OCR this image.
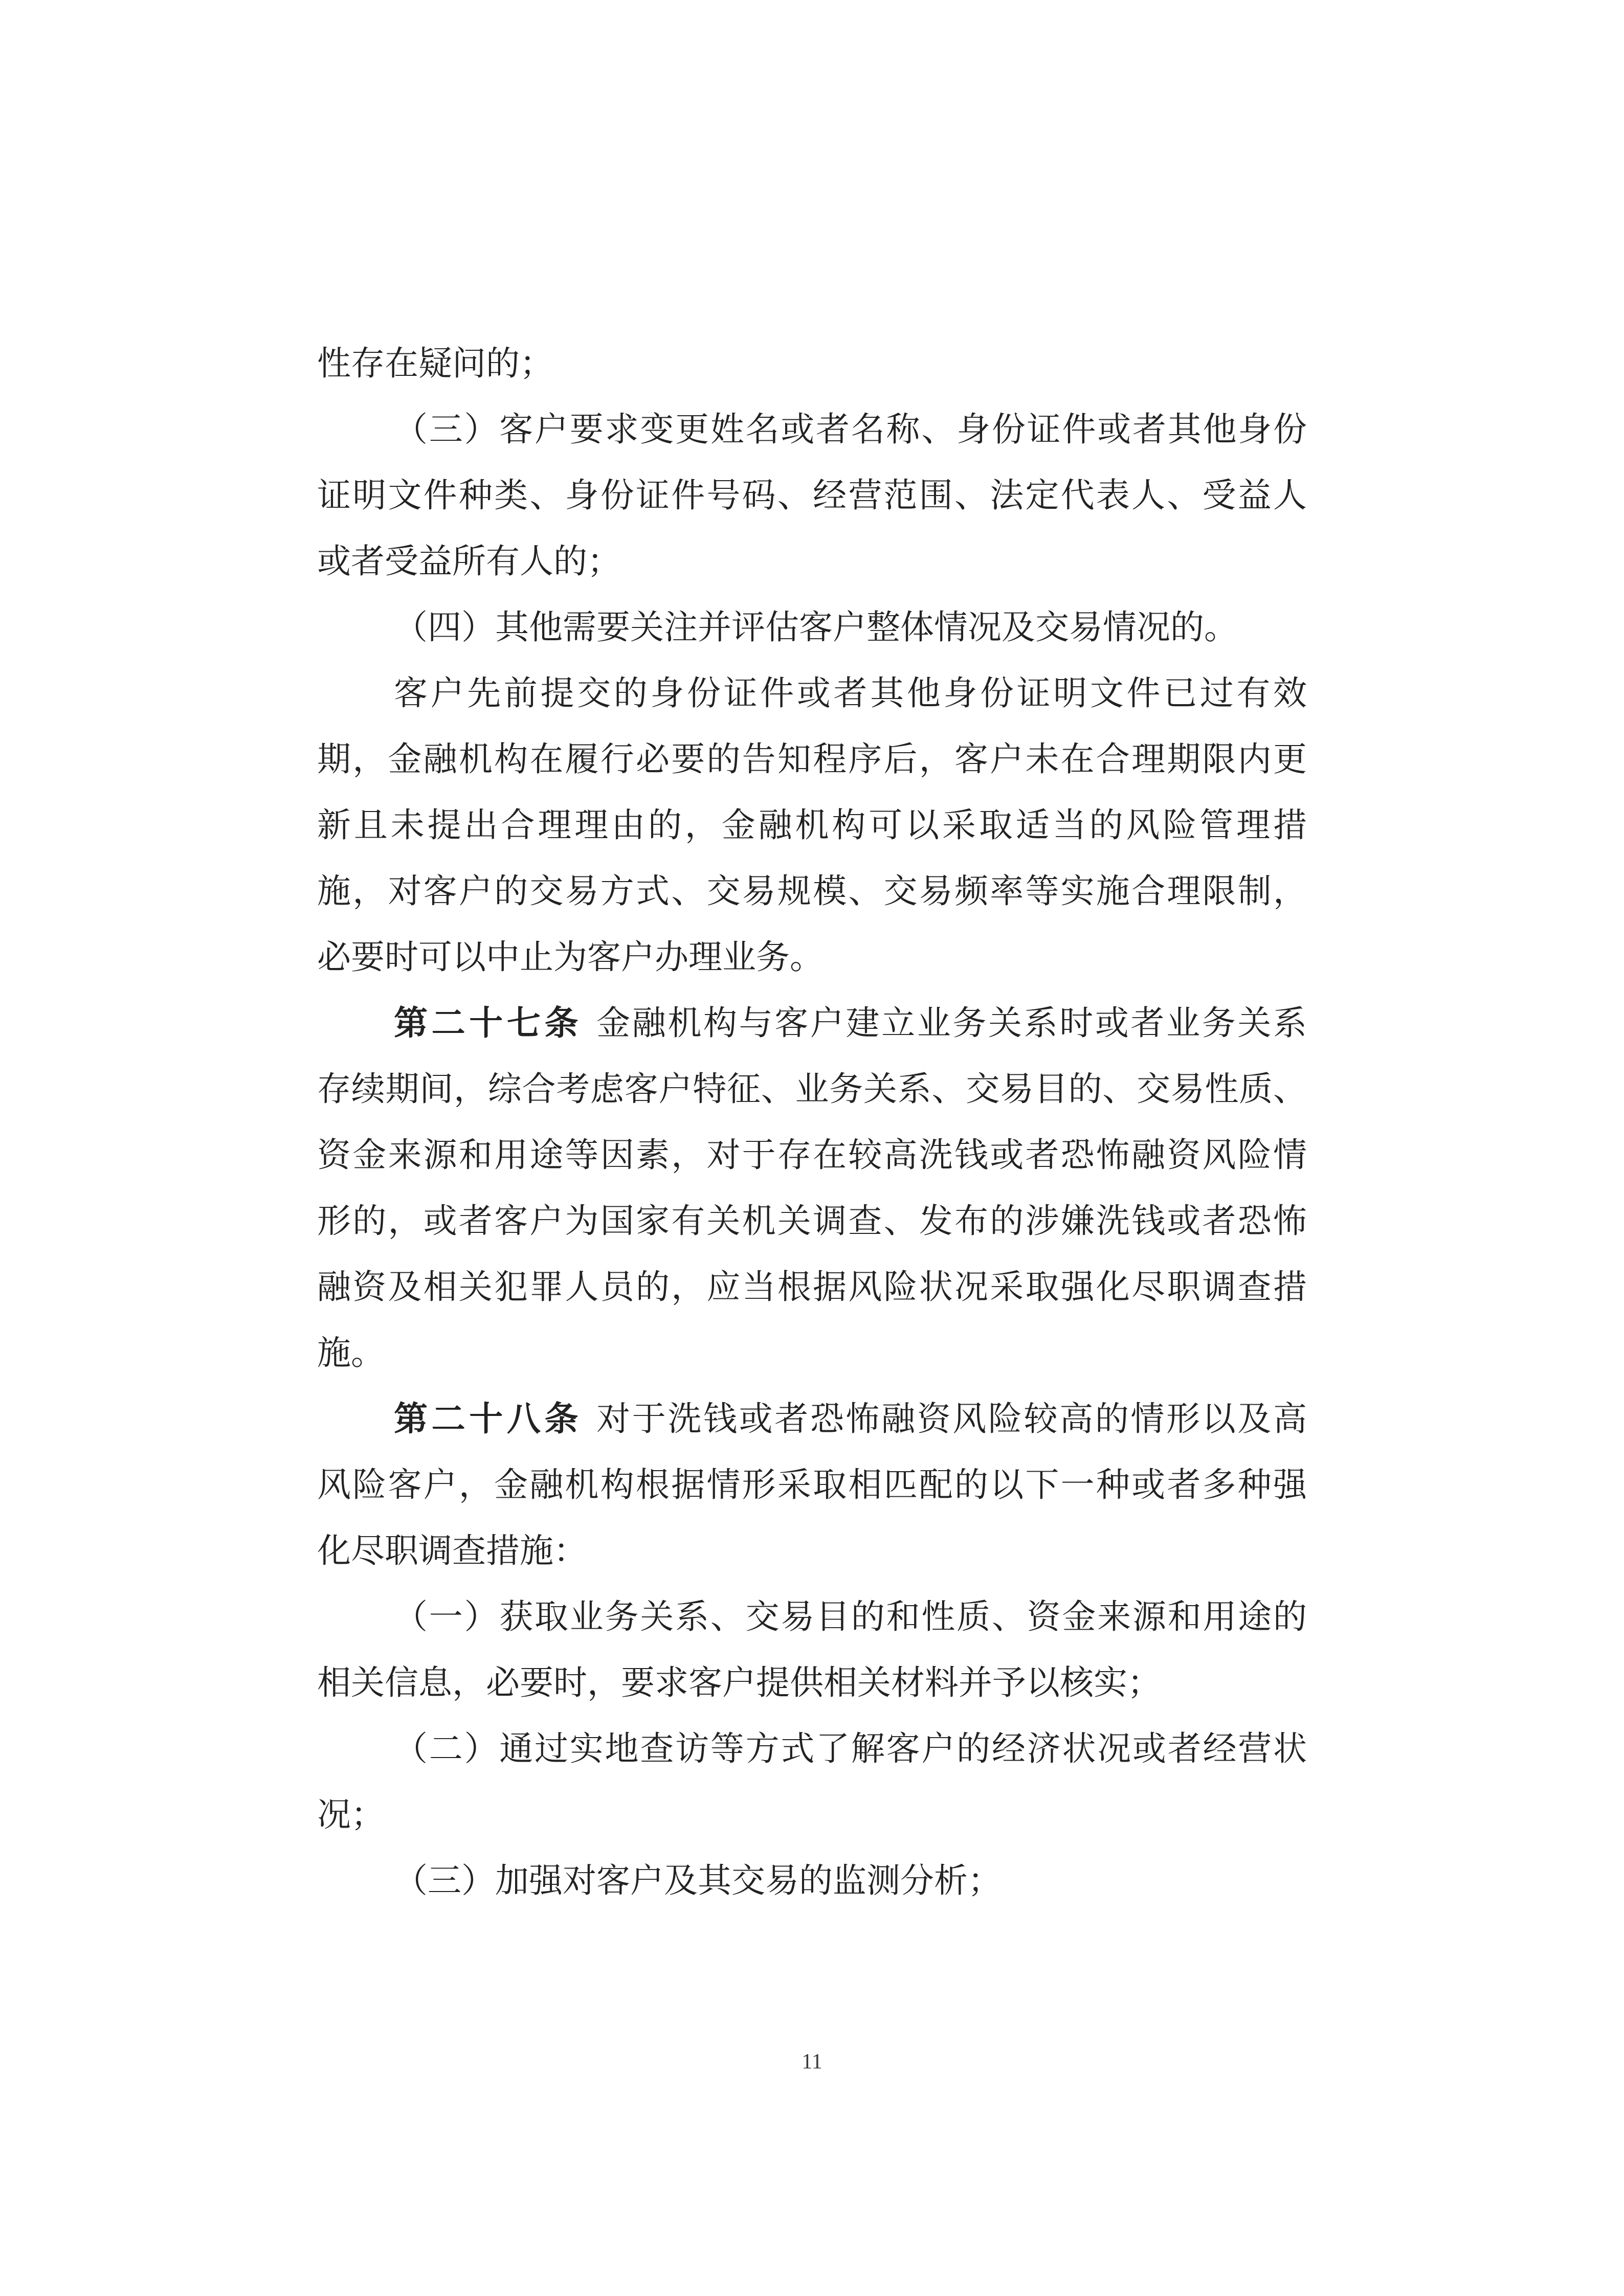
性存在疑问的；
（三）客户要求变更姓名或者名称、身份证件或者其他身份
证明文件种类、身份证件号码、经营范围、法定代表人、受益人
或者受益所有人的；
（四）其他需要关注并评估客户整体情况及交易情况的。
客户先前提交的身份证件或者其他身份证明文件已过有效
期，金融机构在履行必要的告知程序后，客户未在合理期限内更
新且未提出合理理由的，金融机构可以采取适当的风险管理措
施，对客户的交易方式、交易规模、交易频率等实施合理限制，
必要时可以中止为客户办理业务。
第二十七条 金融机构与客户建立业务关系时或者业务关系
存续期间，综合考虑客户特征、业务关系、交易目的、交易性质、
资金来源和用途等因素，对于存在较高洗钱或者恐怖融资风险情
形的，或者客户为国家有关机关调查、发布的涉嫌洗钱或者恐怖
融资及相关犯罪人员的，应当根据风险状况采取强化尽职调查措
施。
第二十八条 对于洗钱或者恐怖融资风险较高的情形以及高
风险客户，金融机构根据情形采取相匹配的以下一种或者多种强
化尽职调查措施：
（一）获取业务关系、交易目的和性质、资金来源和用途的
相关信息，必要时，要求客户提供相关材料并予以核实；
（二）通过实地查访等方式了解客户的经济状况或者经营状
况；
（三）加强对客户及其交易的监测分析；
11
